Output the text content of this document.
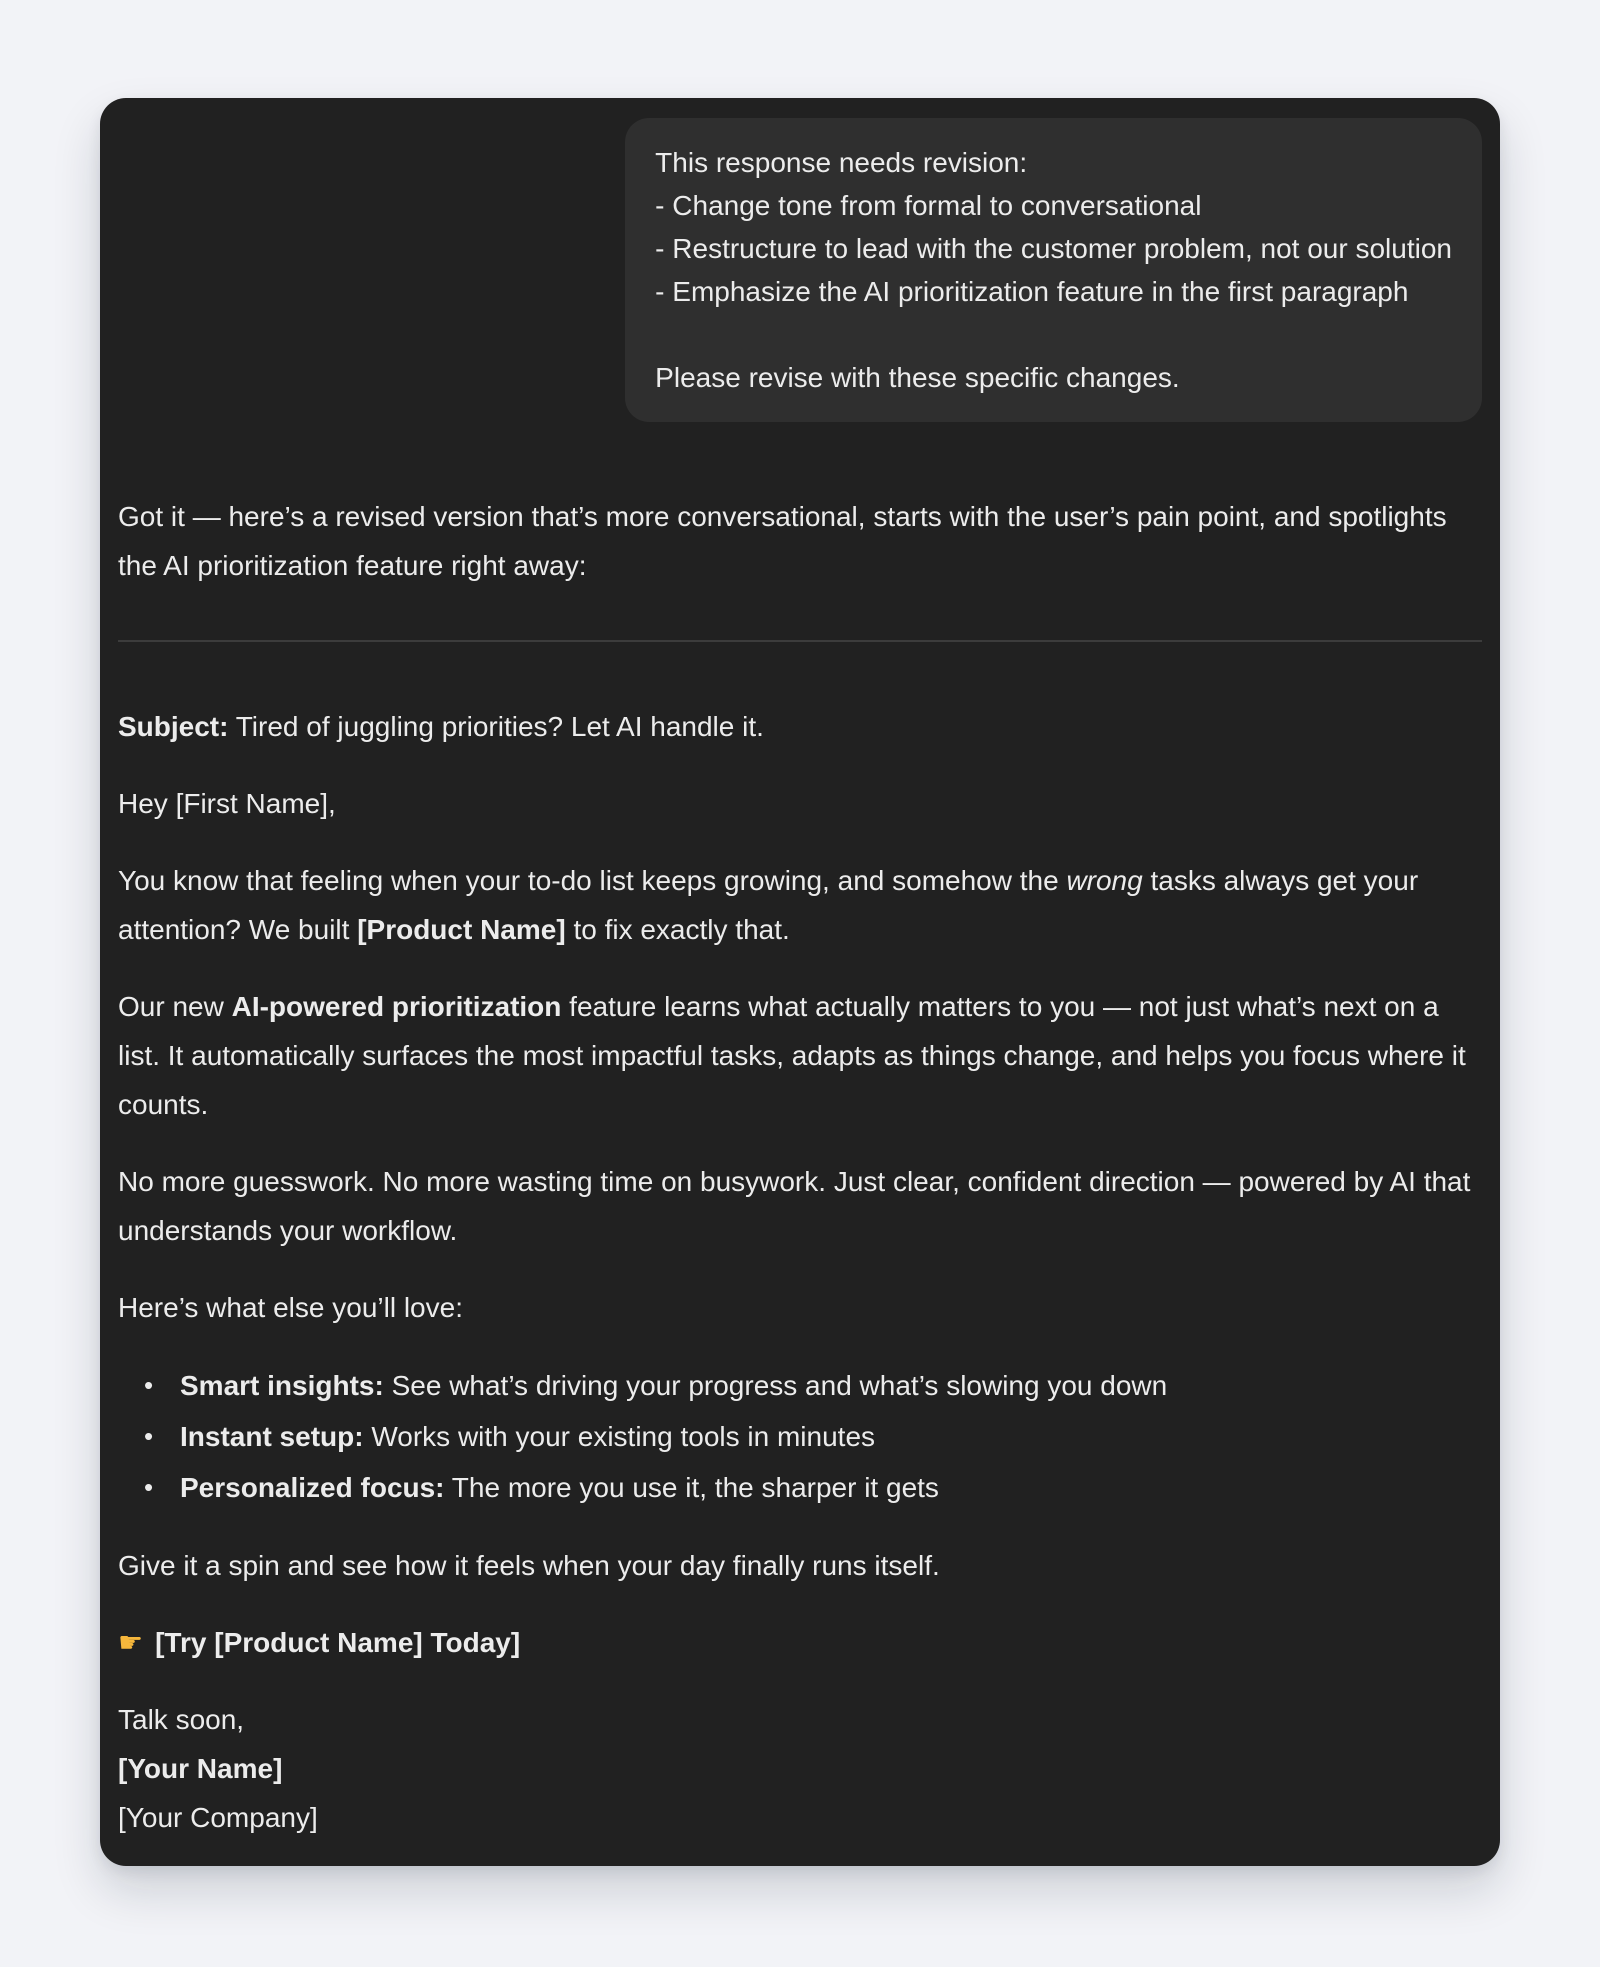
This response needs revision:
- Change tone from formal to conversational
- Restructure to lead with the customer problem, not our solution
- Emphasize the AI prioritization feature in the first paragraph

Please revise with these specific changes.

Got it — here’s a revised version that’s more conversational, starts with the user’s pain point, and spotlights the AI prioritization feature right away:

Subject: Tired of juggling priorities? Let AI handle it.

Hey [First Name],

You know that feeling when your to-do list keeps growing, and somehow the wrong tasks always get your attention? We built [Product Name] to fix exactly that.

Our new AI-powered prioritization feature learns what actually matters to you — not just what’s next on a list. It automatically surfaces the most impactful tasks, adapts as things change, and helps you focus where it counts.

No more guesswork. No more wasting time on busywork. Just clear, confident direction — powered by AI that understands your workflow.

Here’s what else you’ll love:

• Smart insights: See what’s driving your progress and what’s slowing you down
• Instant setup: Works with your existing tools in minutes
• Personalized focus: The more you use it, the sharper it gets

Give it a spin and see how it feels when your day finally runs itself.

☛ [Try [Product Name] Today]

Talk soon,
[Your Name]
[Your Company]
